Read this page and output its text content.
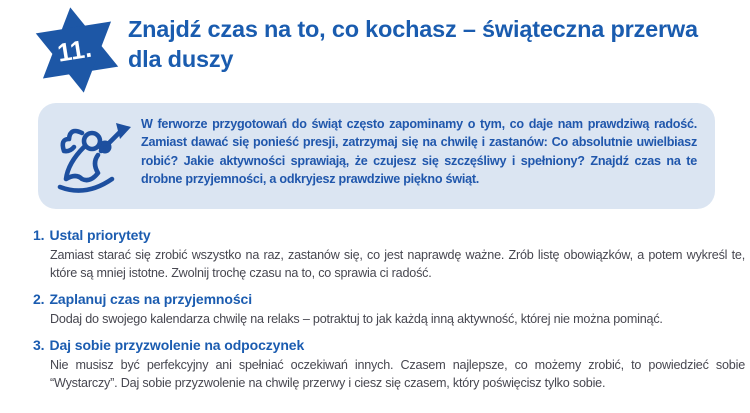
11.
Znajdź czas na to, co kochasz – świąteczna przerwa dla duszy

W ferworze przygotowań do świąt często zapominamy o tym, co daje nam prawdziwą radość. Zamiast dawać się ponieść presji, zatrzymaj się na chwilę i zastanów: Co absolutnie uwielbiasz robić? Jakie aktywności sprawiają, że czujesz się szczęśliwy i spełniony? Znajdź czas na te drobne przyjemności, a odkryjesz prawdziwe piękno świąt.

1. Ustal priorytety

Zamiast starać się zrobić wszystko na raz, zastanów się, co jest naprawdę ważne. Zrób listę obowiązków, a potem wykreśl te, które są mniej istotne. Zwolnij trochę czasu na to, co sprawia ci radość.

2. Zaplanuj czas na przyjemności

Dodaj do swojego kalendarza chwilę na relaks – potraktuj to jak każdą inną aktywność, której nie można pominąć.

3. Daj sobie przyzwolenie na odpoczynek

Nie musisz być perfekcyjny ani spełniać oczekiwań innych. Czasem najlepsze, co możemy zrobić, to powiedzieć sobie “Wystarczy”. Daj sobie przyzwolenie na chwilę przerwy i ciesz się czasem, który poświęcisz tylko sobie.
